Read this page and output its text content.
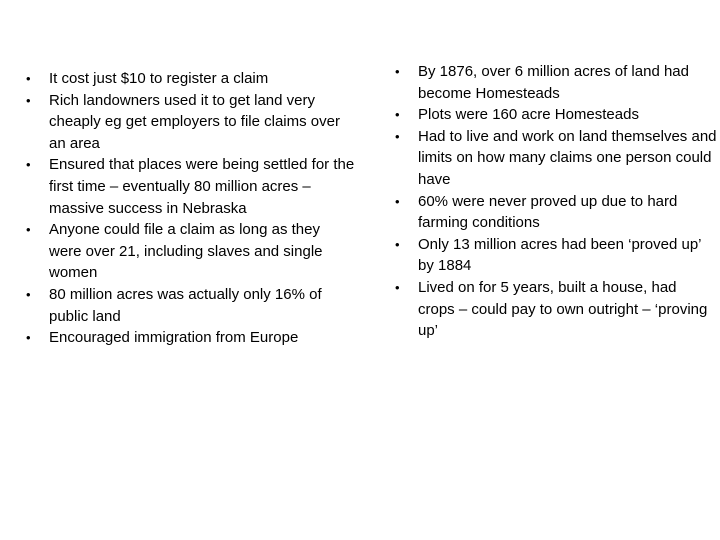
•	It cost just $10 to register a claim
•	Rich landowners used it to get land very cheaply eg get employers to file claims over an area
•	Ensured that places were being settled for the first time – eventually 80 million acres – massive success in Nebraska
•	Anyone could file a claim as long as they were over 21, including slaves and single women
•	80 million acres was actually only 16% of public land
•	Encouraged immigration from Europe
•	By 1876, over 6 million acres of land had become Homesteads
•	Plots were 160 acre Homesteads
•	Had to live and work on land themselves and limits on how many claims one person could have
•	60% were never proved up due to hard farming conditions
•	Only 13 million acres had been ‘proved up’ by 1884
•	Lived on for 5 years, built a house, had crops – could pay to own outright – ‘proving up’
